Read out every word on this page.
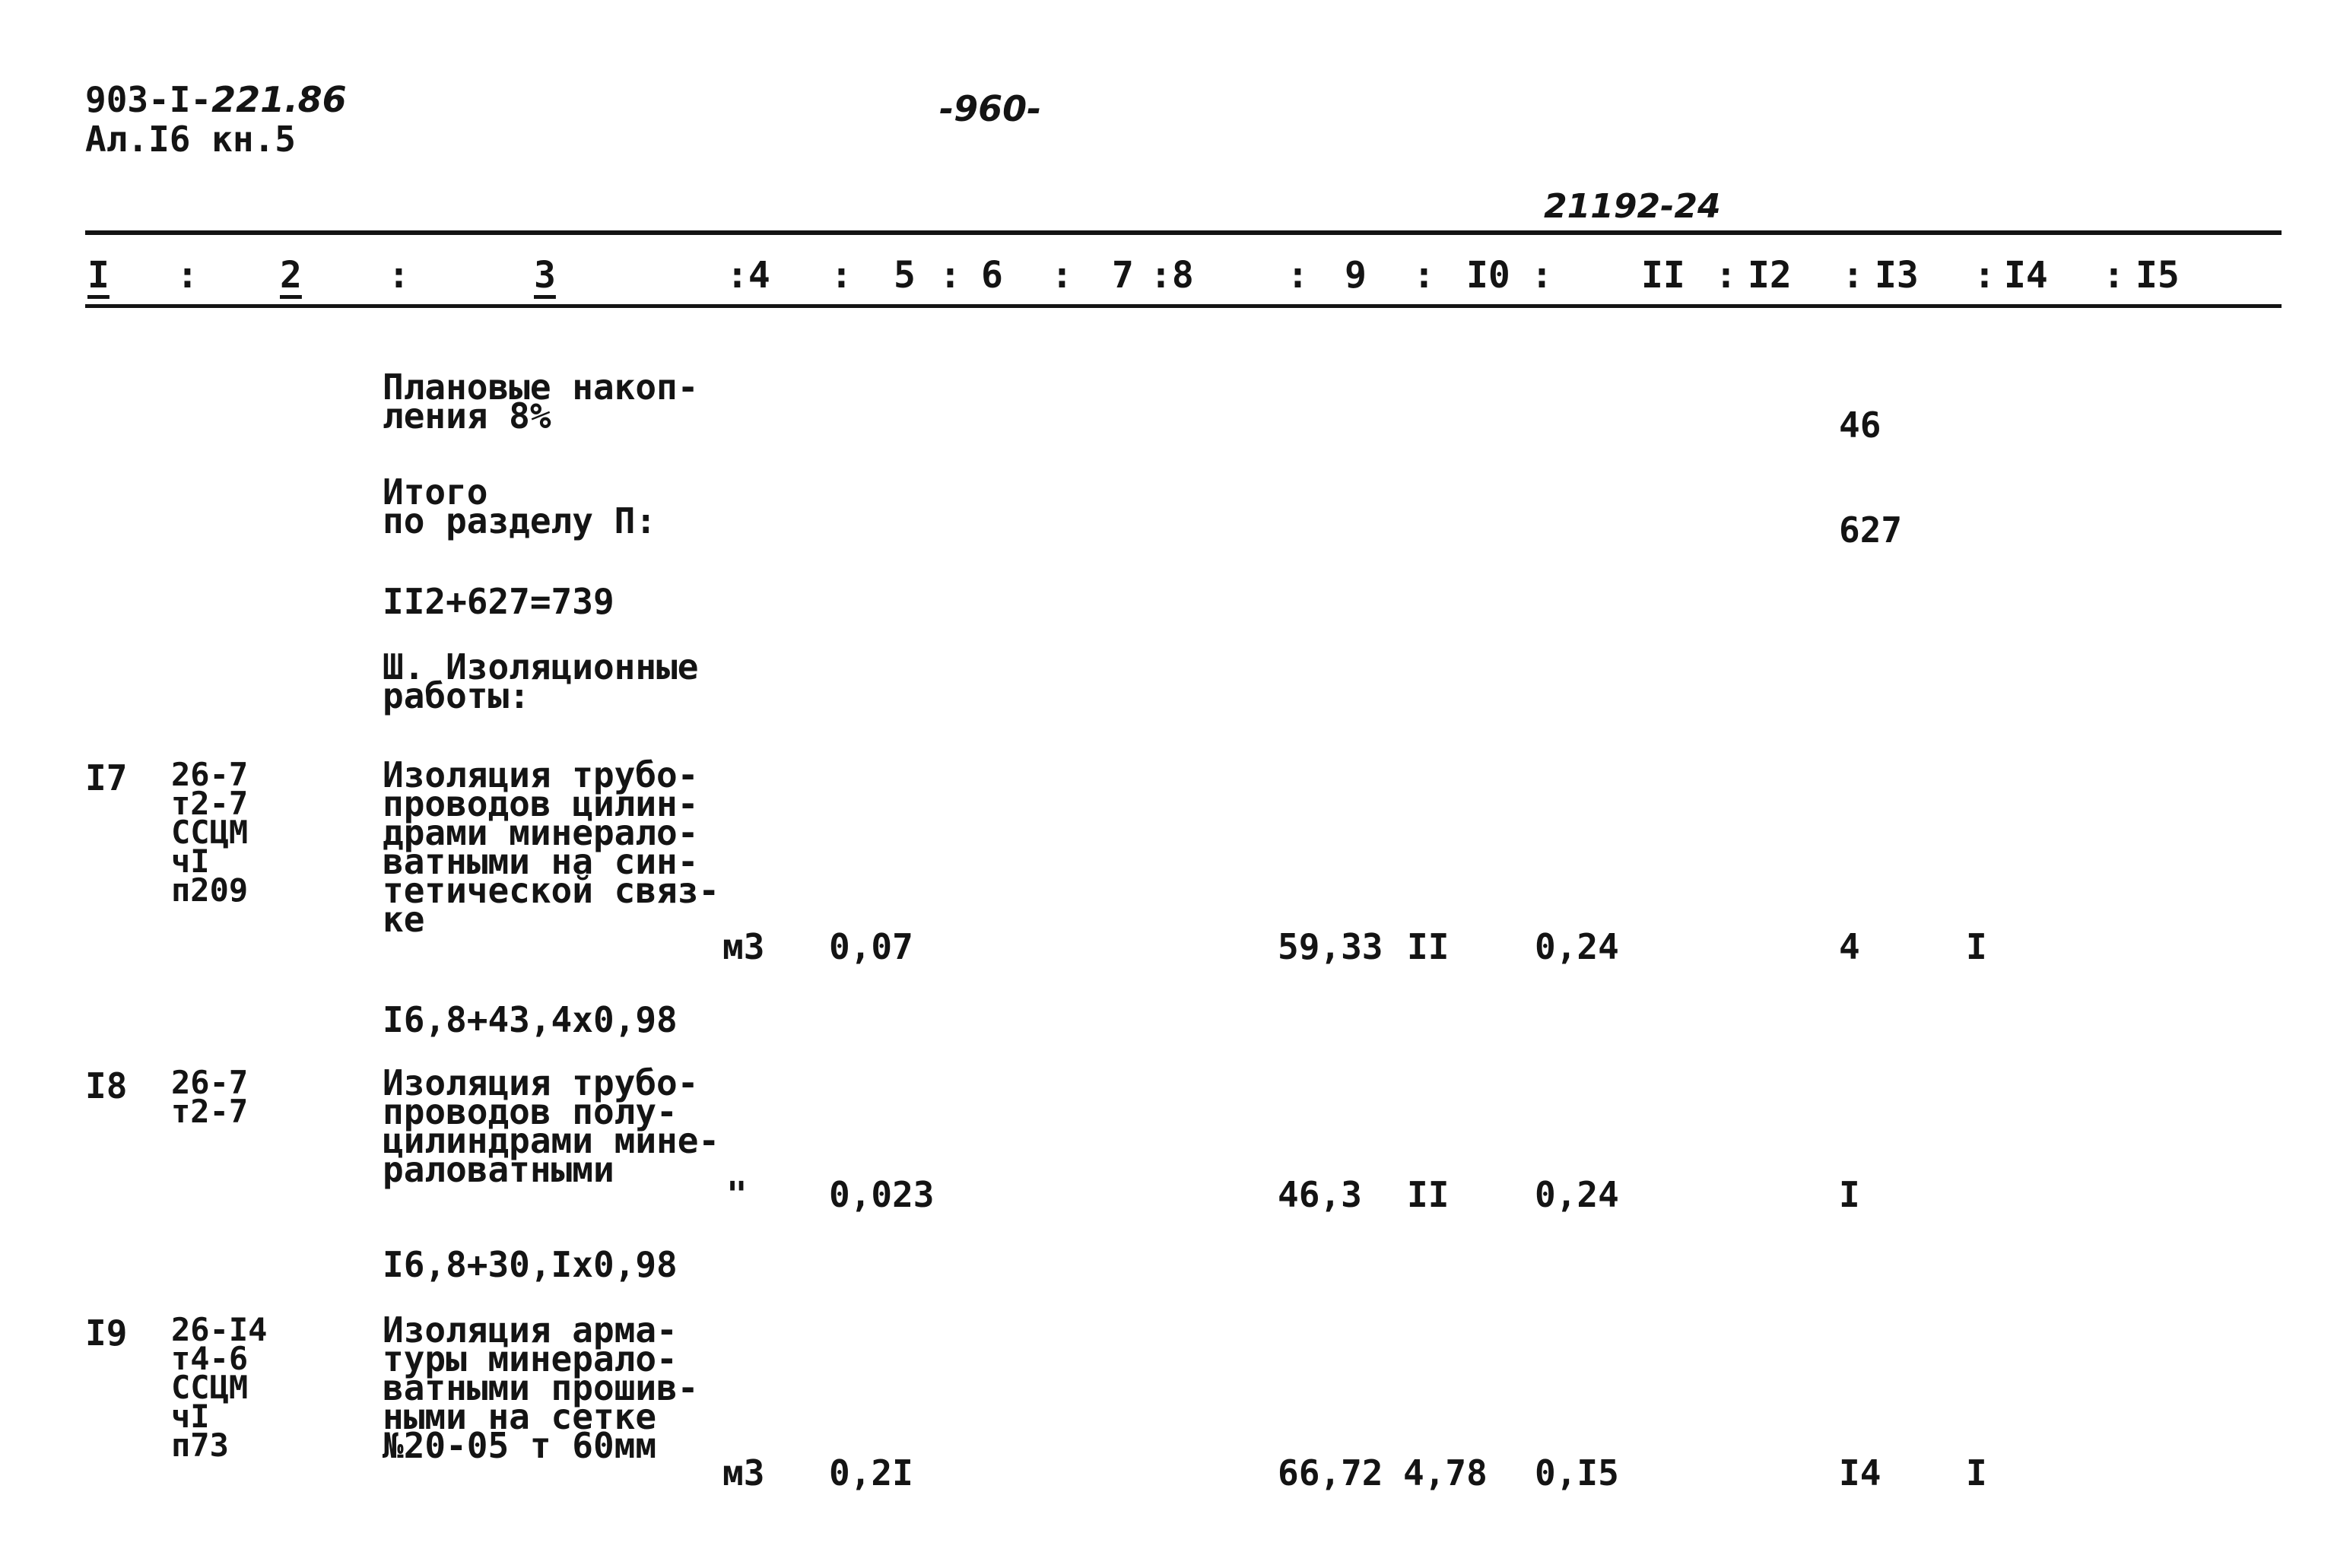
903-I-221.86
Ал.I6 кн.5
-960-
21192-24
I : 2 :	3	:4 : 5 : 6 : 7 :8	: 9 : I0 : II : I2 : I3 : I4 : I5
Плановые накоп-
ления 8%	46
Итого
по разделу П:	627
II2+627=739
Ш. Изоляционные
работы:
I7 26-7
т2-7
ССЦМ
чI
п209
Изоляция трубо-
проводов цилин-
драми минерало-
ватными на син-
тетической связ-
ке
м3 0,07	59,33 II 0,24	4	I
I6,8+43,4х0,98
I8 26-7
т2-7
Изоляция трубо-
проводов полу-
цилиндрами мине-
раловатными
" 0,023	46,3 II 0,24	I
I6,8+30,Iх0,98
I9 26-I4
т4-6
ССЦМ
чI
п73
Изоляция арма-
туры минерало-
ватными прошив-
ными на сетке
№20-05 т 60мм
м3 0,2I	66,72 4,78 0,I5	I4 I
